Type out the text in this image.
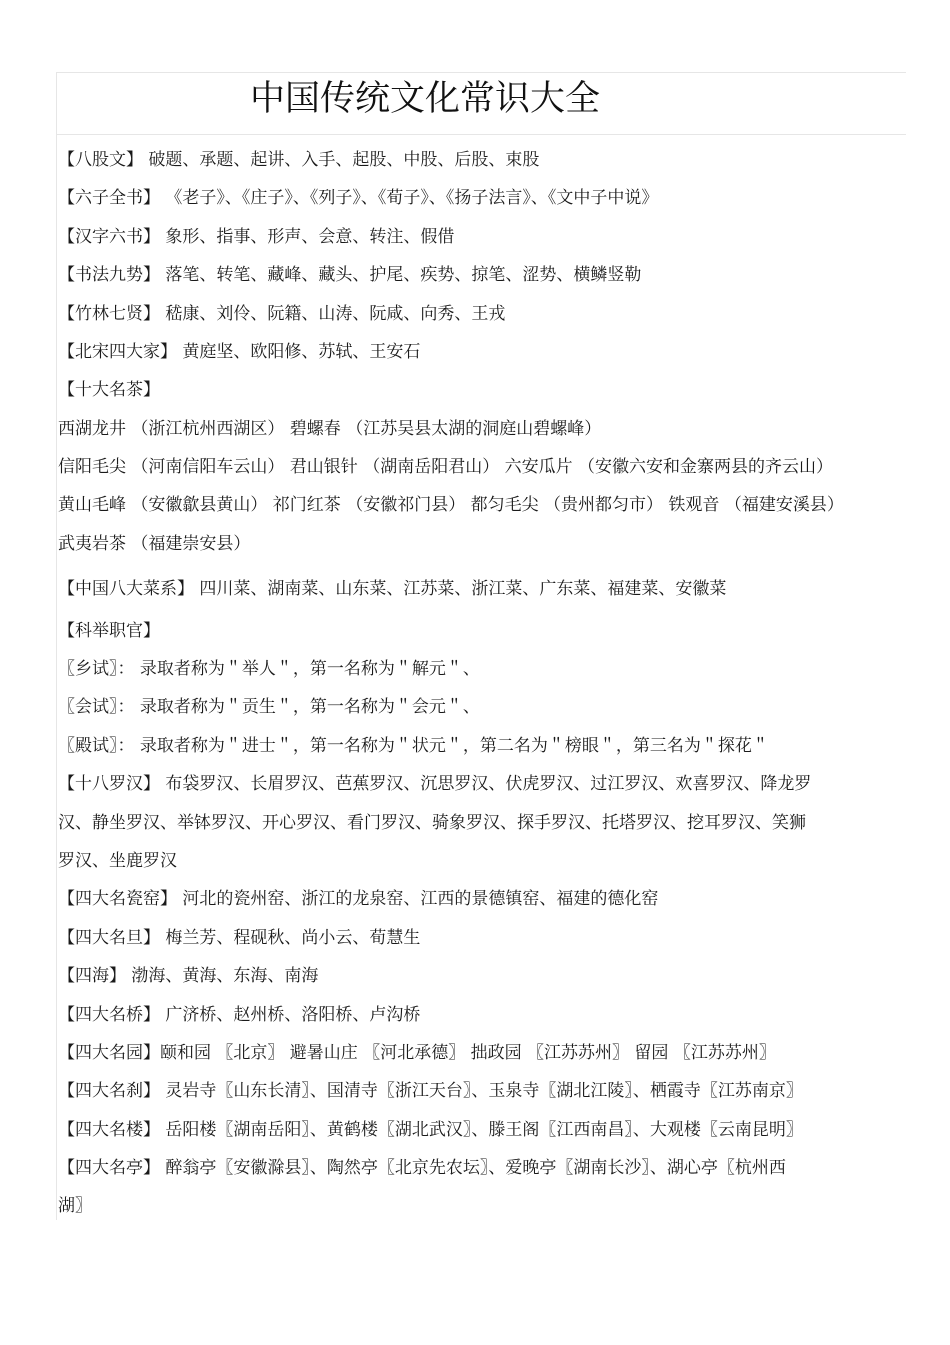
中国传统文化常识大全
【八股文】 破题、承题、起讲、入手、起股、中股、后股、束股
【六子全书】 《老子》、《庄子》、《列子》、《荀子》、《扬子法言》、《文中子中说》
【汉字六书】 象形、指事、形声、会意、转注、假借
【书法九势】 落笔、转笔、藏峰、藏头、护尾、疾势、掠笔、涩势、横鳞竖勒
【竹林七贤】 嵇康、刘伶、阮籍、山涛、阮咸、向秀、王戎
【北宋四大家】 黄庭坚、欧阳修、苏轼、王安石
【十大名茶】
西湖龙井 （浙江杭州西湖区） 碧螺春 （江苏吴县太湖的洞庭山碧螺峰）
信阳毛尖 （河南信阳车云山） 君山银针 （湖南岳阳君山） 六安瓜片 （安徽六安和金寨两县的齐云山）
黄山毛峰 （安徽歙县黄山） 祁门红茶 （安徽祁门县） 都匀毛尖 （贵州都匀市） 铁观音 （福建安溪县）
武夷岩茶 （福建崇安县）
【中国八大菜系】 四川菜、湖南菜、山东菜、江苏菜、浙江菜、广东菜、福建菜、安徽菜
【科举职官】
〖乡试〗： 录取者称为＂举人＂，第一名称为＂解元＂、
〖会试〗： 录取者称为＂贡生＂，第一名称为＂会元＂、
〖殿试〗： 录取者称为＂进士＂，第一名称为＂状元＂，第二名为＂榜眼＂，第三名为＂探花＂
【十八罗汉】 布袋罗汉、长眉罗汉、芭蕉罗汉、沉思罗汉、伏虎罗汉、过江罗汉、欢喜罗汉、降龙罗
汉、静坐罗汉、举钵罗汉、开心罗汉、看门罗汉、骑象罗汉、探手罗汉、托塔罗汉、挖耳罗汉、笑狮
罗汉、坐鹿罗汉
【四大名瓷窑】 河北的瓷州窑、浙江的龙泉窑、江西的景德镇窑、福建的德化窑
【四大名旦】 梅兰芳、程砚秋、尚小云、荀慧生
【四海】 渤海、黄海、东海、南海
【四大名桥】 广济桥、赵州桥、洛阳桥、卢沟桥
【四大名园】颐和园 〖北京〗 避暑山庄 〖河北承德〗 拙政园 〖江苏苏州〗 留园 〖江苏苏州〗
【四大名刹】 灵岩寺〖山东长清〗、国清寺〖浙江天台〗、玉泉寺〖湖北江陵〗、栖霞寺〖江苏南京〗
【四大名楼】 岳阳楼〖湖南岳阳〗、黄鹤楼〖湖北武汉〗、滕王阁〖江西南昌〗、大观楼〖云南昆明〗
【四大名亭】 醉翁亭〖安徽滁县〗、陶然亭〖北京先农坛〗、爱晚亭〖湖南长沙〗、湖心亭〖杭州西
湖〗
